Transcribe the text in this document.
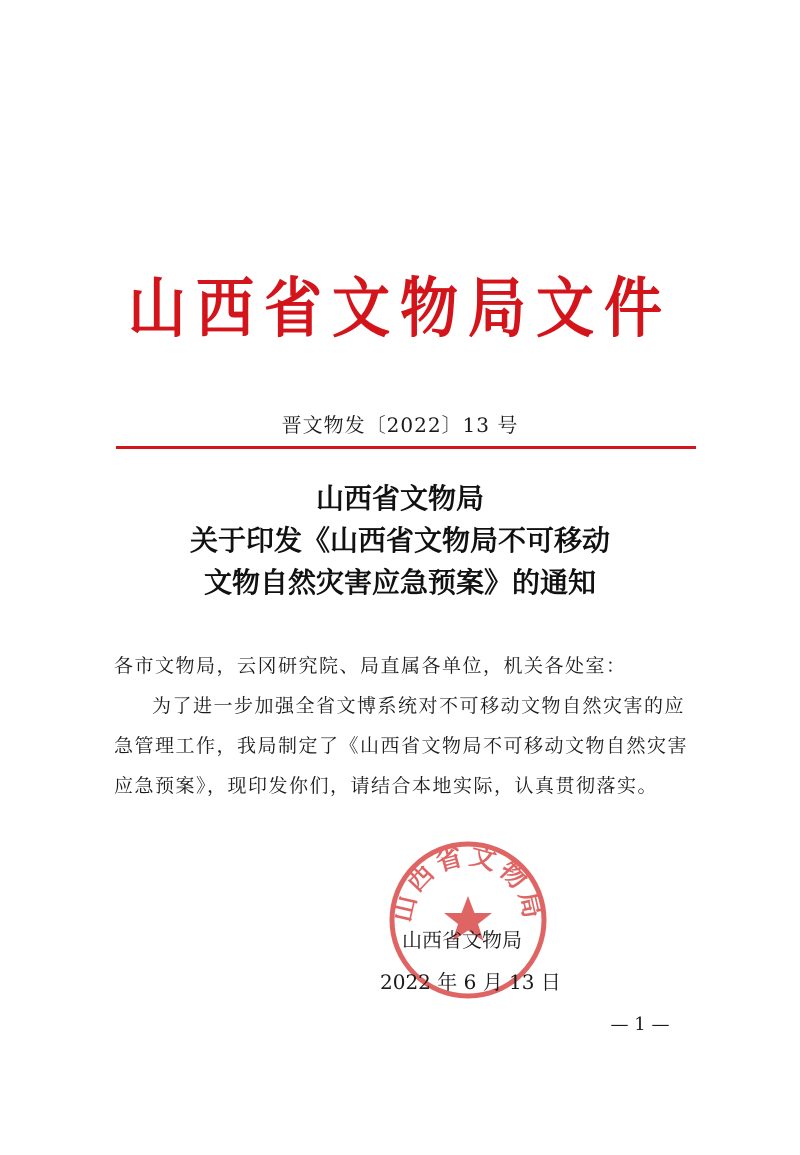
山西省文物局文件
晋文物发〔2022〕13 号
山西省文物局
关于印发《山西省文物局不可移动
文物自然灾害应急预案》的通知

各市文物局，云冈研究院、局直属各单位，机关各处室：

为了进一步加强全省文博系统对不可移动文物自然灾害的应急管理工作，我局制定了《山西省文物局不可移动文物自然灾害应急预案》，现印发你们，请结合本地实际，认真贯彻落实。

山西省文物局
山西省文物局
2022 年 6 月 13 日
— 1 —
